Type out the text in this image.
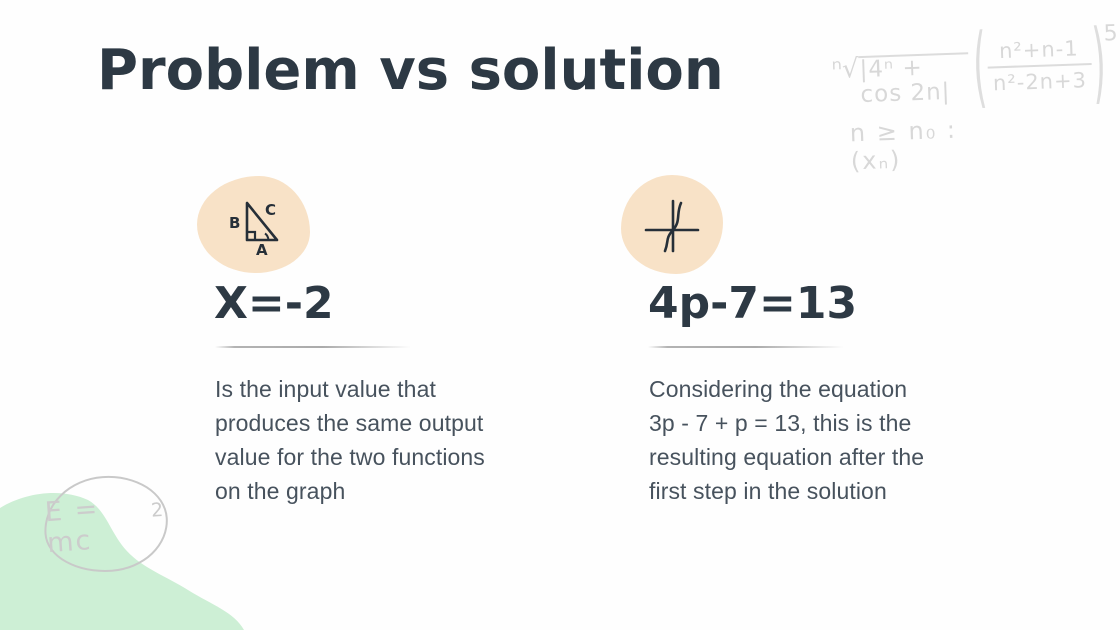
Problem vs solution	ⁿ√ |4ⁿ + cos 2n|
n ≥ n₀ : (xₙ)
(
$\frac{\text{n²+n-1}}{\text{n²-2n+3}}$
)
5
B
C
A
X=-2
Is the input value that
produces the same output
value for the two functions
on the graph
4p-7=13
Considering the equation
3p - 7 + p = 13, this is the
resulting equation after the
first step in the solution
E = mc
2
